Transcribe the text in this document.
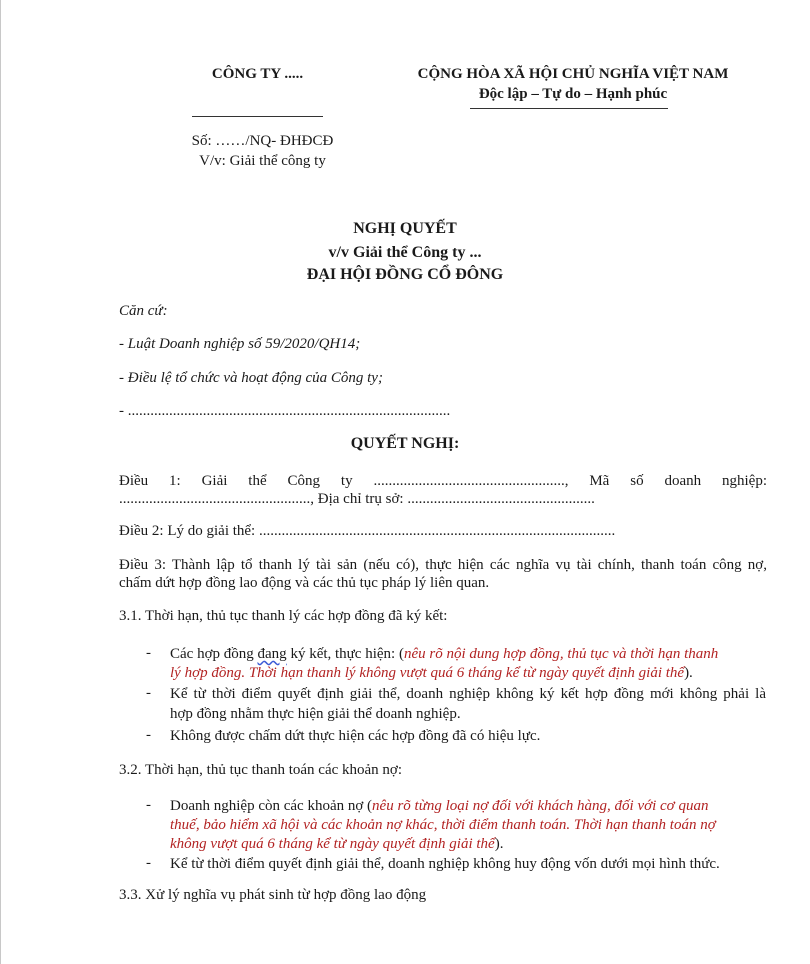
CÔNG TY .....	CỘNG HÒA XÃ HỘI CHỦ NGHĨA VIỆT NAM
Độc lập – Tự do – Hạnh phúc
Số: ……/NQ- ĐHĐCĐ
V/v: Giải thể công ty
NGHỊ QUYẾT
v/v Giải thể Công ty ...
ĐẠI HỘI ĐỒNG CỔ ĐÔNG
Căn cứ:
- Luật Doanh nghiệp số 59/2020/QH14;
- Điều lệ tổ chức và hoạt động của Công ty;
- ......................................................................................
QUYẾT NGHỊ:
Điều 1: Giải thể Công ty ..................................................., Mã số doanh nghiệp:
..................................................., Địa chỉ trụ sở: ..................................................
Điều 2: Lý do giải thể: ...............................................................................................
Điều 3: Thành lập tổ thanh lý tài sản (nếu có), thực hiện các nghĩa vụ tài chính, thanh toán công nợ,
chấm dứt hợp đồng lao động và các thủ tục pháp lý liên quan.
3.1. Thời hạn, thủ tục thanh lý các hợp đồng đã ký kết:
- Các hợp đồng đang ký kết, thực hiện: (nêu rõ nội dung hợp đồng, thủ tục và thời hạn thanh
lý hợp đồng. Thời hạn thanh lý không vượt quá 6 tháng kể từ ngày quyết định giải thể).
- Kể từ thời điểm quyết định giải thể, doanh nghiệp không ký kết hợp đồng mới không phải là
hợp đồng nhằm thực hiện giải thể doanh nghiệp.
- Không được chấm dứt thực hiện các hợp đồng đã có hiệu lực.
3.2. Thời hạn, thủ tục thanh toán các khoản nợ:
- Doanh nghiệp còn các khoản nợ (nêu rõ từng loại nợ đối với khách hàng, đối với cơ quan
thuế, bảo hiểm xã hội và các khoản nợ khác, thời điểm thanh toán. Thời hạn thanh toán nợ
không vượt quá 6 tháng kể từ ngày quyết định giải thể).
- Kể từ thời điểm quyết định giải thể, doanh nghiệp không huy động vốn dưới mọi hình thức.
3.3. Xử lý nghĩa vụ phát sinh từ hợp đồng lao động
